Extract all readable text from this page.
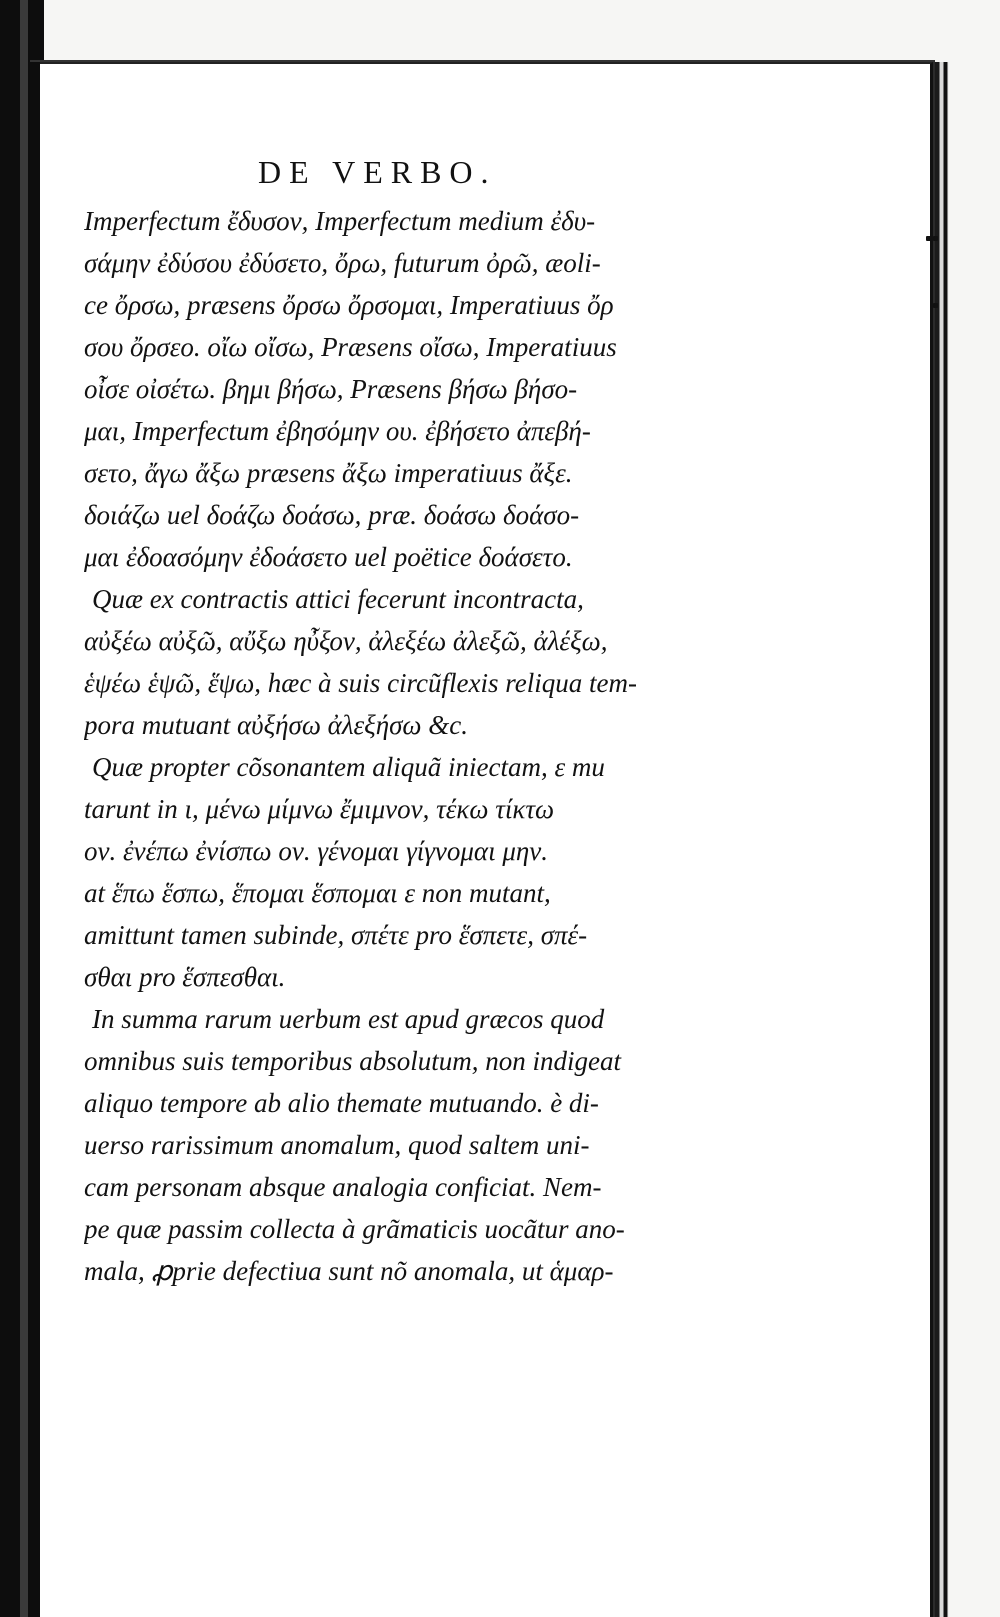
DE VERBO.
Imperfectum ἔδυσον, Imperfectum medium ἐδυ-
σάμην ἐδύσου ἐδύσετο, ὄρω, futurum ὀρῶ, æoli-
ce ὄρσω, præsens ὄρσω ὄρσομαι, Imperatiuus ὄρ
σου ὄρσεο. οἴω οἴσω, Præsens οἴσω, Imperatiuus
οἶσε οἰσέτω. βημι βήσω, Præsens βήσω βήσο-
μαι, Imperfectum ἐβησόμην ου. ἐβήσετο ἀπεβή-
σετο, ἄγω ἄξω præsens ἄξω imperatiuus ἄξε.
δοιάζω uel δοάζω δοάσω, præ. δοάσω δοάσο-
μαι ἐδοασόμην ἐδοάσετο uel poëtice δοάσετο.
Quæ ex contractis attici fecerunt incontracta,
αὐξέω αὐξῶ, αὔξω ηὖξον, ἀλεξέω ἀλεξῶ, ἀλέξω,
ἑψέω ἑψῶ, ἕψω, hæc à suis circũflexis reliqua tem-
pora mutuant αὐξήσω ἀλεξήσω &c.
Quæ propter cõsonantem aliquã iniectam, ε mu
tarunt in ι, μένω μίμνω ἔμιμνον, τέκω τίκτω
ον. ἐνέπω ἐνίσπω ον. γένομαι γίγνομαι μην.
at ἕπω ἕσπω, ἕπομαι ἕσπομαι ε non mutant,
amittunt tamen subinde, σπέτε pro ἕσπετε, σπέ-
σθαι pro ἕσπεσθαι.
In summa rarum uerbum est apud græcos quod
omnibus suis temporibus absolutum, non indigeat
aliquo tempore ab alio themate mutuando. è di-
uerso rarissimum anomalum, quod saltem uni-
cam personam absque analogia conficiat. Nem-
pe quæ passim collecta à grãmaticis uocãtur ano-
mala, ꝓprie defectiua sunt nõ anomala, ut ἁμαρ-
